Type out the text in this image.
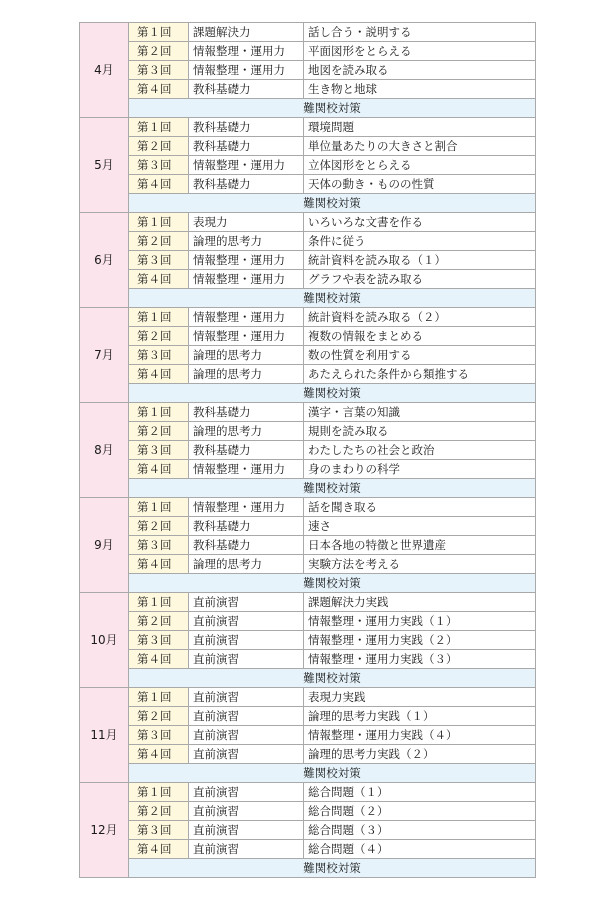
4月	第１回	課題解決力	話し合う・説明する
	第２回	情報整理・運用力	平面図形をとらえる
	第３回	情報整理・運用力	地図を読み取る
	第４回	教科基礎力	生き物と地球
	難関校対策		
5月	第１回	教科基礎力	環境問題
	第２回	教科基礎力	単位量あたりの大きさと割合
	第３回	情報整理・運用力	立体図形をとらえる
	第４回	教科基礎力	天体の動き・ものの性質
	難関校対策		
6月	第１回	表現力	いろいろな文書を作る
	第２回	論理的思考力	条件に従う
	第３回	情報整理・運用力	統計資料を読み取る（１）
	第４回	情報整理・運用力	グラフや表を読み取る
	難関校対策		
7月	第１回	情報整理・運用力	統計資料を読み取る（２）
	第２回	情報整理・運用力	複数の情報をまとめる
	第３回	論理的思考力	数の性質を利用する
	第４回	論理的思考力	あたえられた条件から類推する
	難関校対策		
8月	第１回	教科基礎力	漢字・言葉の知識
	第２回	論理的思考力	規則を読み取る
	第３回	教科基礎力	わたしたちの社会と政治
	第４回	情報整理・運用力	身のまわりの科学
	難関校対策		
9月	第１回	情報整理・運用力	話を聞き取る
	第２回	教科基礎力	速さ
	第３回	教科基礎力	日本各地の特徴と世界遺産
	第４回	論理的思考力	実験方法を考える
	難関校対策		
10月	第１回	直前演習	課題解決力実践
	第２回	直前演習	情報整理・運用力実践（１）
	第３回	直前演習	情報整理・運用力実践（２）
	第４回	直前演習	情報整理・運用力実践（３）
	難関校対策		
11月	第１回	直前演習	表現力実践
	第２回	直前演習	論理的思考力実践（１）
	第３回	直前演習	情報整理・運用力実践（４）
	第４回	直前演習	論理的思考力実践（２）
	難関校対策		
12月	第１回	直前演習	総合問題（１）
	第２回	直前演習	総合問題（２）
	第３回	直前演習	総合問題（３）
	第４回	直前演習	総合問題（４）
	難関校対策		
